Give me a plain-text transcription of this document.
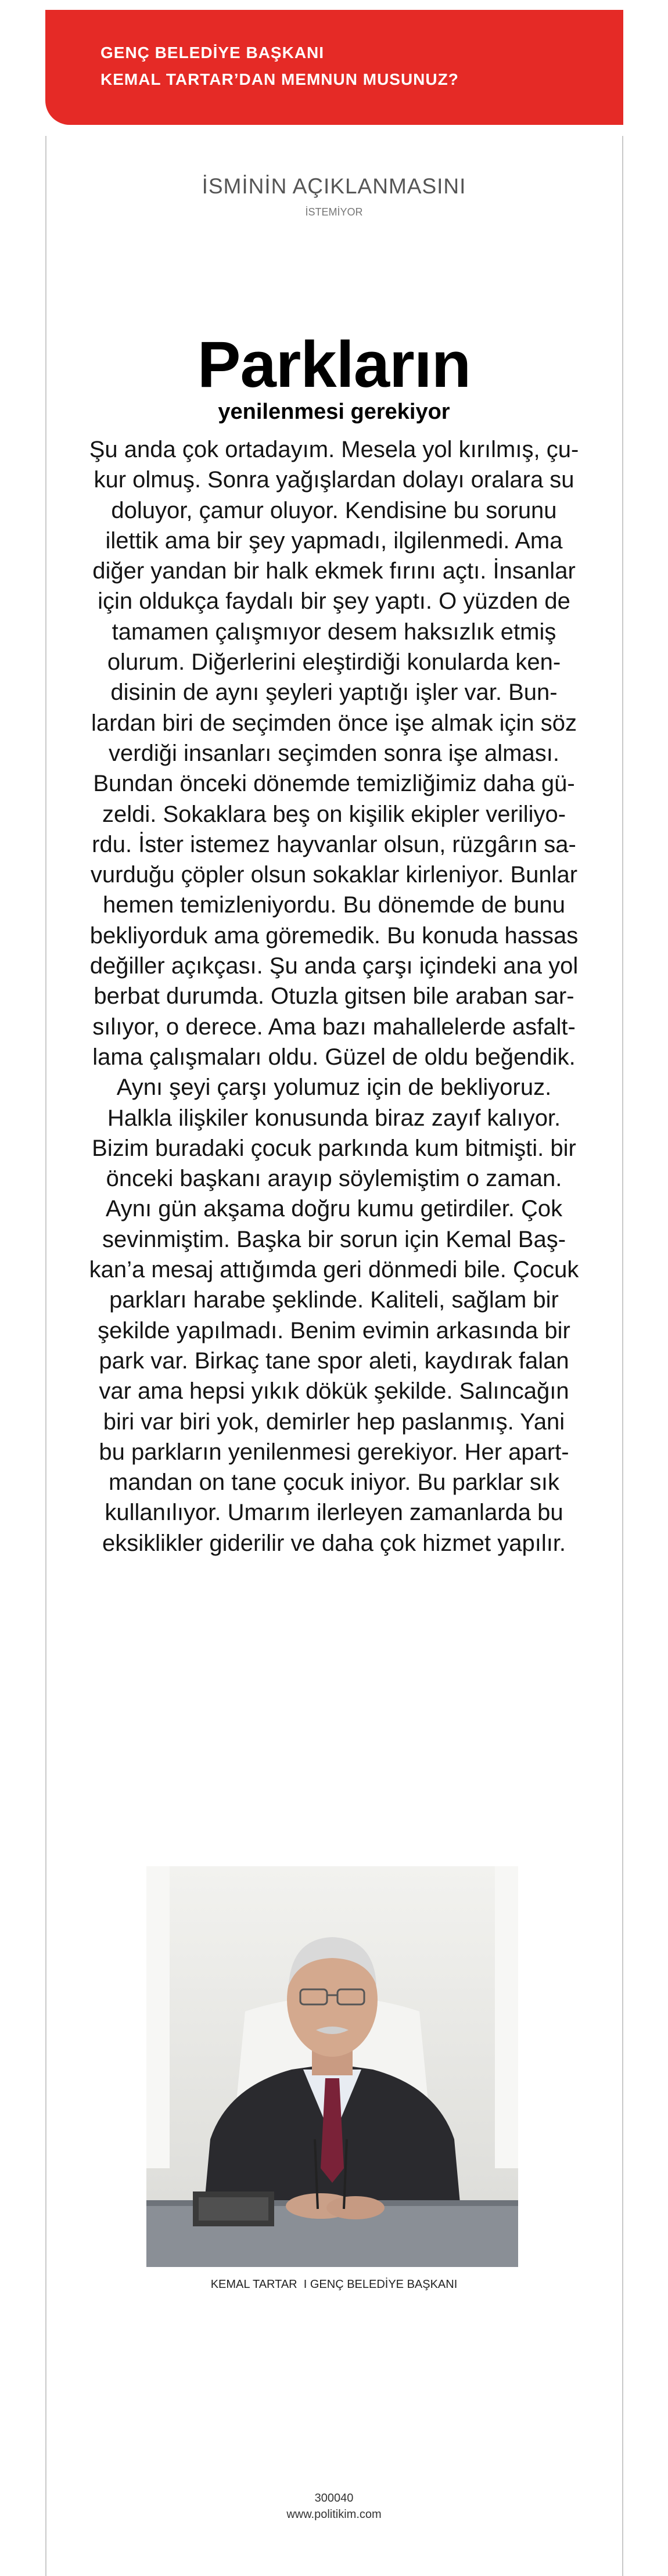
GENÇ BELEDİYE BAŞKANI
KEMAL TARTAR’DAN MEMNUN MUSUNUZ?
İSMİNİN AÇIKLANMASINI
İSTEMİYOR
Parkların
yenilenmesi gerekiyor
Şu anda çok ortadayım. Mesela yol kırılmış, çu-
kur olmuş. Sonra yağışlardan dolayı oralara su
doluyor, çamur oluyor. Kendisine bu sorunu
ilettik ama bir şey yapmadı, ilgilenmedi. Ama
diğer yandan bir halk ekmek fırını açtı. İnsanlar
için oldukça faydalı bir şey yaptı. O yüzden de
tamamen çalışmıyor desem haksızlık etmiş
olurum. Diğerlerini eleştirdiği konularda ken-
disinin de aynı şeyleri yaptığı işler var. Bun-
lardan biri de seçimden önce işe almak için söz
verdiği insanları seçimden sonra işe alması.
Bundan önceki dönemde temizliğimiz daha gü-
zeldi. Sokaklara beş on kişilik ekipler veriliyo-
rdu. İster istemez hayvanlar olsun, rüzgârın sa-
vurduğu çöpler olsun sokaklar kirleniyor. Bunlar
hemen temizleniyordu. Bu dönemde de bunu
bekliyorduk ama göremedik. Bu konuda hassas
değiller açıkçası. Şu anda çarşı içindeki ana yol
berbat durumda. Otuzla gitsen bile araban sar-
sılıyor, o derece. Ama bazı mahallelerde asfalt-
lama çalışmaları oldu. Güzel de oldu beğendik.
Aynı şeyi çarşı yolumuz için de bekliyoruz.
Halkla ilişkiler konusunda biraz zayıf kalıyor.
Bizim buradaki çocuk parkında kum bitmişti. bir
önceki başkanı arayıp söylemiştim o zaman.
Aynı gün akşama doğru kumu getirdiler. Çok
sevinmiştim. Başka bir sorun için Kemal Baş-
kan’a mesaj attığımda geri dönmedi bile. Çocuk
parkları harabe şeklinde. Kaliteli, sağlam bir
şekilde yapılmadı. Benim evimin arkasında bir
park var. Birkaç tane spor aleti, kaydırak falan
var ama hepsi yıkık dökük şekilde. Salıncağın
biri var biri yok, demirler hep paslanmış. Yani
bu parkların yenilenmesi gerekiyor. Her apart-
mandan on tane çocuk iniyor. Bu parklar sık
kullanılıyor. Umarım ilerleyen zamanlarda bu
eksiklikler giderilir ve daha çok hizmet yapılır.
KEMAL TARTAR  I GENÇ BELEDİYE BAŞKANI
300040
www.politikim.com
